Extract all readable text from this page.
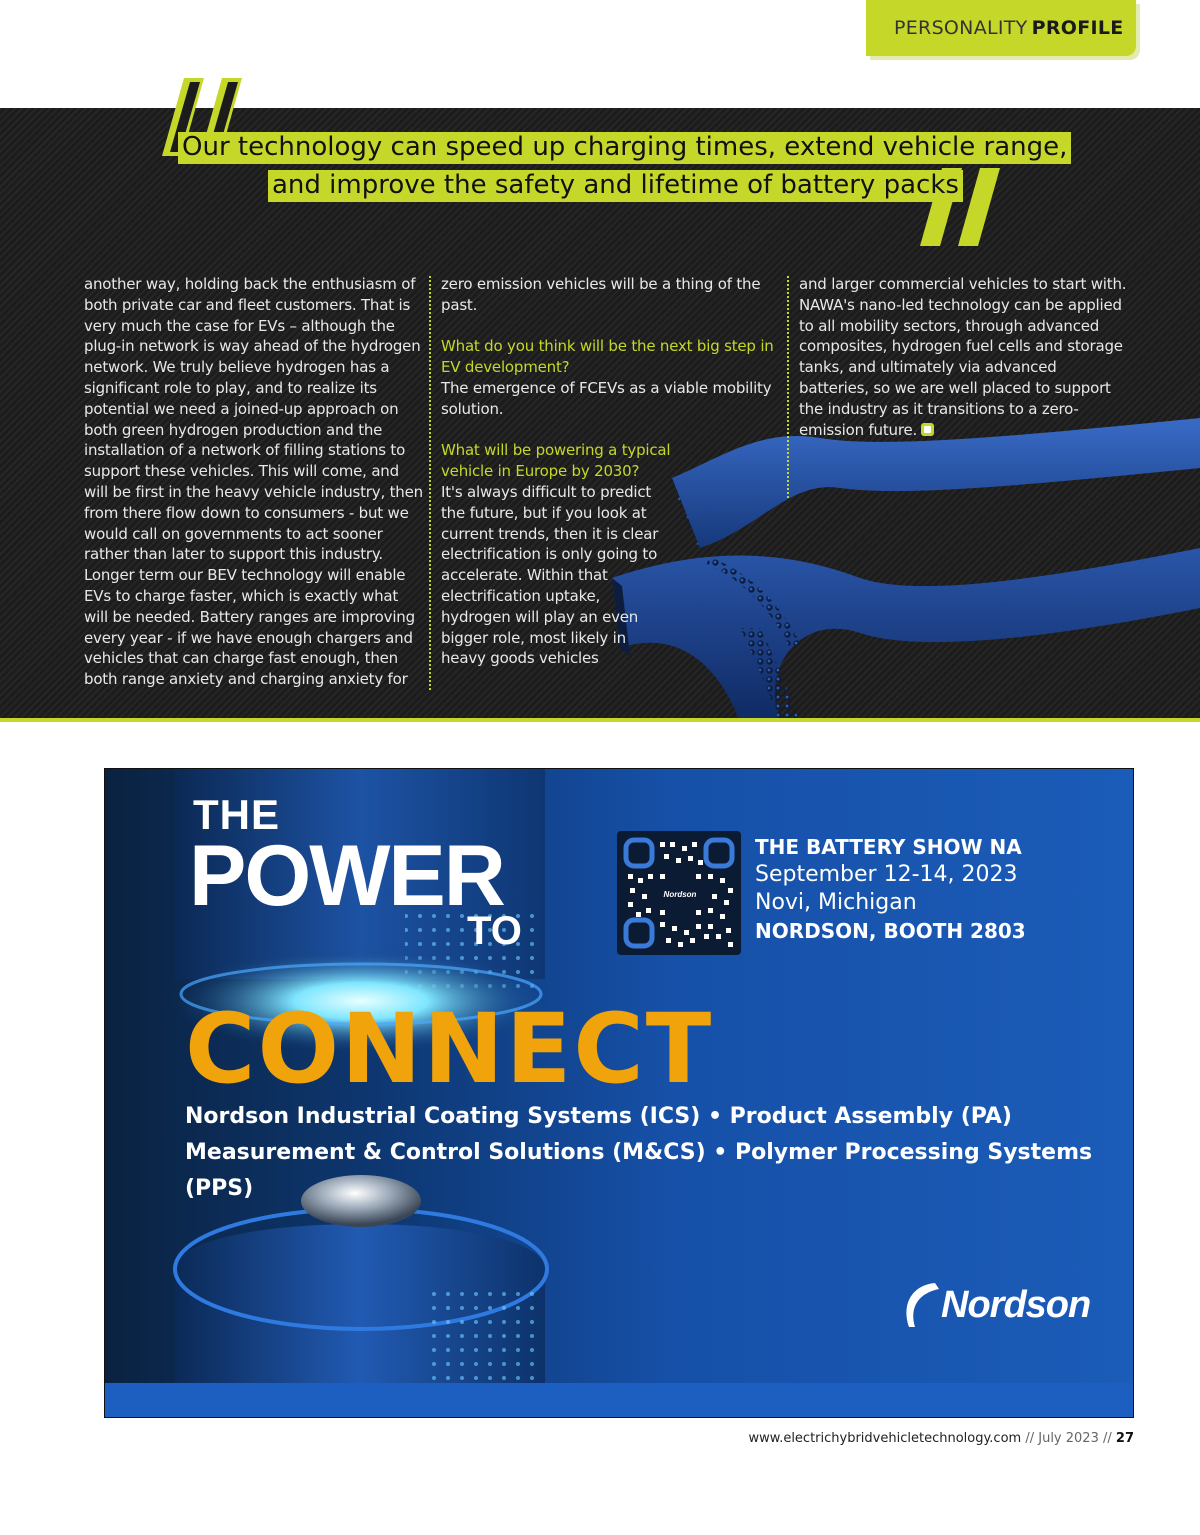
PERSONALITY PROFILE
Our technology can speed up charging times, extend vehicle range,
and improve the safety and lifetime of battery packs

another way, holding back the enthusiasm of both private car and fleet customers. That is very much the case for EVs – although the plug-in network is way ahead of the hydrogen network. We truly believe hydrogen has a significant role to play, and to realize its potential we need a joined-up approach on both green hydrogen production and the installation of a network of filling stations to support these vehicles. This will come, and will be first in the heavy vehicle industry, then from there flow down to consumers - but we would call on governments to act sooner rather than later to support this industry. Longer term our BEV technology will enable EVs to charge faster, which is exactly what will be needed. Battery ranges are improving every year - if we have enough chargers and vehicles that can charge fast enough, then both range anxiety and charging anxiety for

zero emission vehicles will be a thing of the past.

What do you think will be the next big step in EV development?

The emergence of FCEVs as a viable mobility solution.

What will be powering a typical vehicle in Europe by 2030?

It's always difficult to predict the future, but if you look at current trends, then it is clear electrification is only going to accelerate. Within that electrification uptake, hydrogen will play an even bigger role, most likely in heavy goods vehicles

and larger commercial vehicles to start with. NAWA's nano-led technology can be applied to all mobility sectors, through advanced composites, hydrogen fuel cells and storage tanks, and ultimately via advanced batteries, so we are well placed to support the industry as it transitions to a zero-emission future.

THE
POWER
TO
Nordson
THE BATTERY SHOW NA
September 12-14, 2023
Novi, Michigan
NORDSON, BOOTH 2803
CONNECT
Nordson Industrial Coating Systems (ICS) • Product Assembly (PA)
Measurement & Control Solutions (M&CS) • Polymer Processing Systems (PPS)
Nordson
www.electrichybridvehicletechnology.com // July 2023 // 27
